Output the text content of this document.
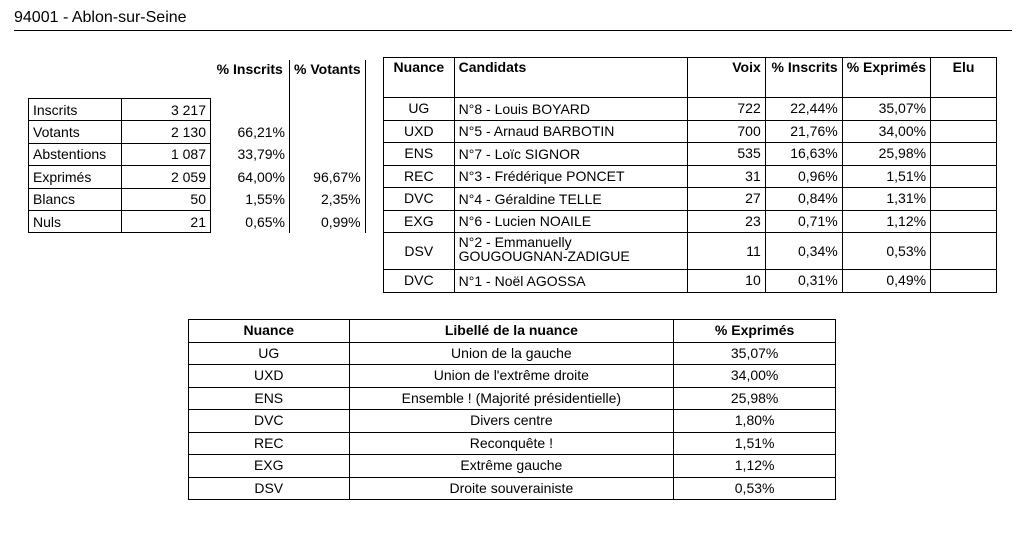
94001 - Ablon-sur-Seine
		% Inscrits	% Votants
Inscrits	3 217		
Votants	2 130	66,21%	
Abstentions	1 087	33,79%	
Exprimés	2 059	64,00%	96,67%
Blancs	50	1,55%	2,35%
Nuls	21	0,65%	0,99%
Nuance	Candidats	Voix	% Inscrits	% Exprimés	Elu
UG	N°8 - Louis BOYARD	722	22,44%	35,07%	
UXD	N°5 - Arnaud BARBOTIN	700	21,76%	34,00%	
ENS	N°7 - Loïc SIGNOR	535	16,63%	25,98%	
REC	N°3 - Frédérique PONCET	31	0,96%	1,51%	
DVC	N°4 - Géraldine TELLE	27	0,84%	1,31%	
EXG	N°6 - Lucien NOAILE	23	0,71%	1,12%	
DSV	N°2 - Emmanuelly GOUGOUGNAN-ZADIGUE	11	0,34%	0,53%	
DVC	N°1 - Noël AGOSSA	10	0,31%	0,49%	
Nuance	Libellé de la nuance	% Exprimés
UG	Union de la gauche	35,07%
UXD	Union de l'extrême droite	34,00%
ENS	Ensemble ! (Majorité présidentielle)	25,98%
DVC	Divers centre	1,80%
REC	Reconquête !	1,51%
EXG	Extrême gauche	1,12%
DSV	Droite souverainiste	0,53%
